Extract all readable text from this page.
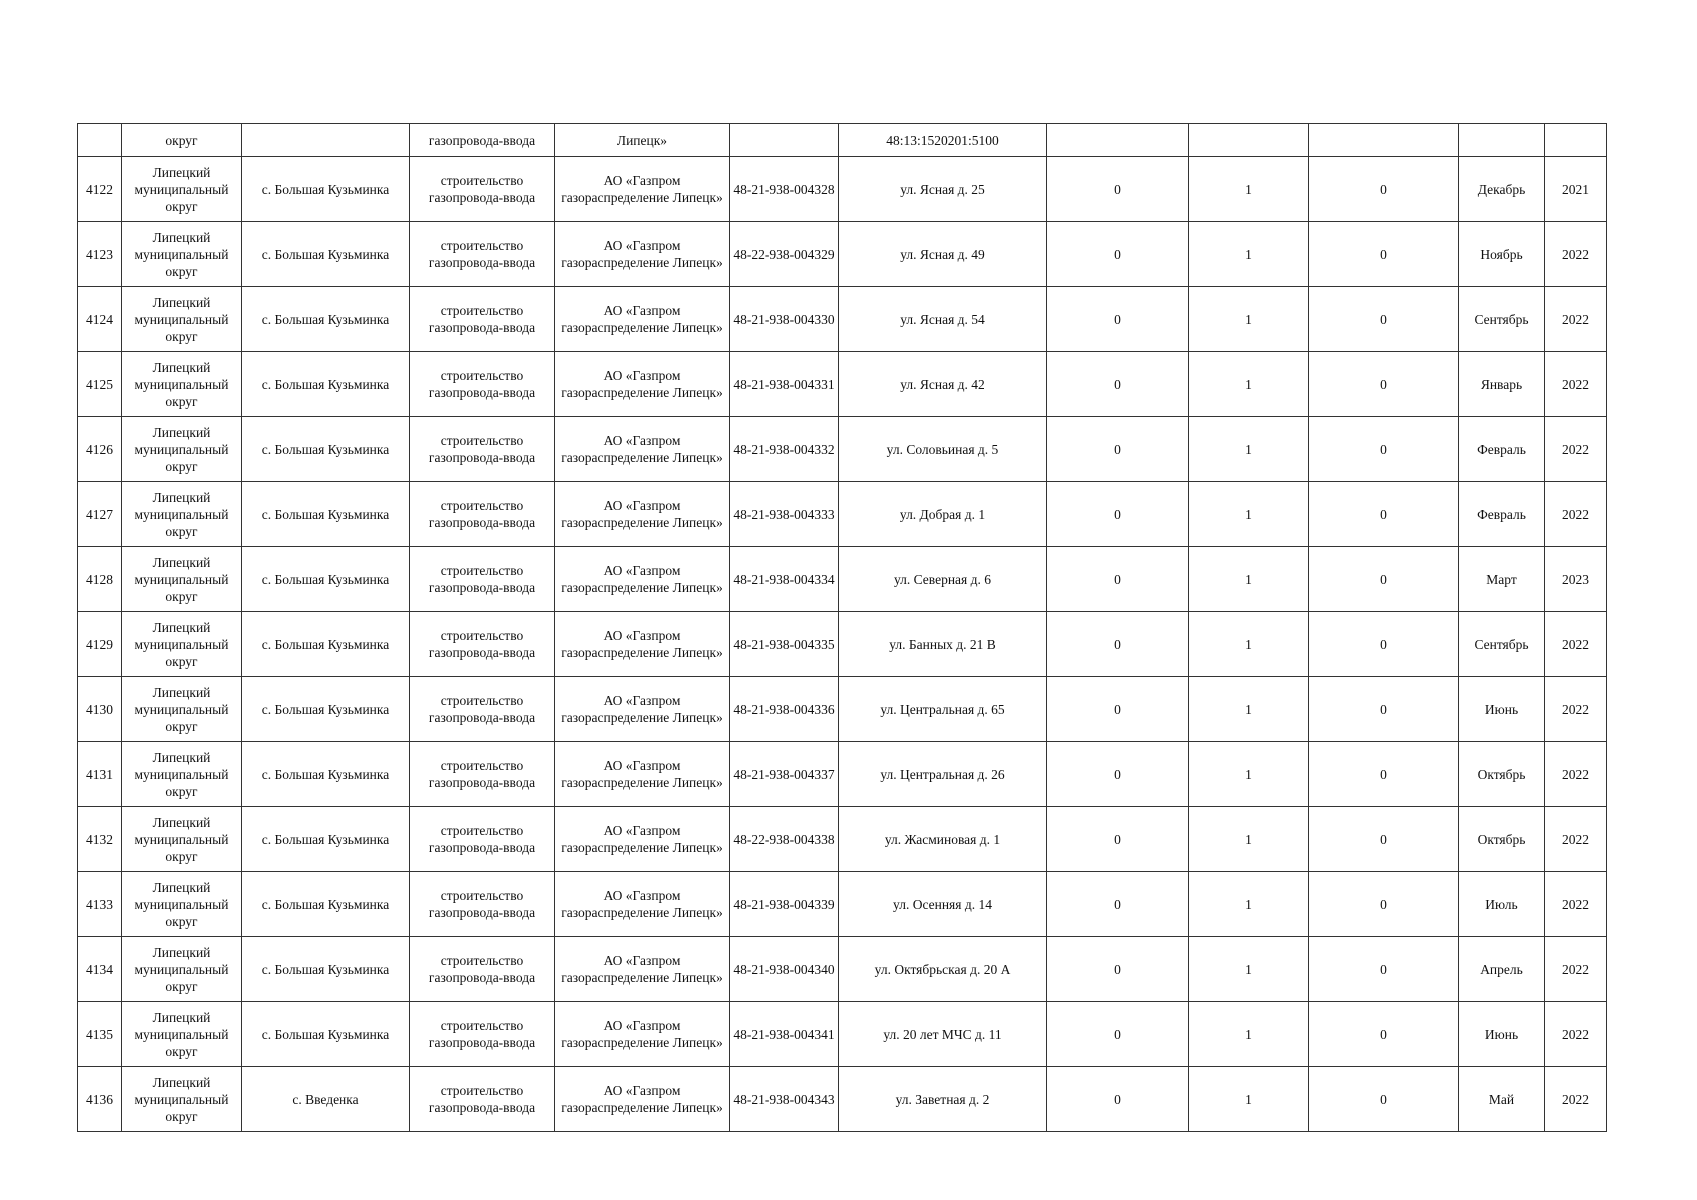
	округ		газопровода-ввода	Липецк»		48:13:1520201:5100					
4122	Липецкий муниципальный округ	с. Большая Кузьминка	строительство газопровода-ввода	АО «Газпром газораспределение Липецк»	48-21-938-004328	ул. Ясная д. 25	0	1	0	Декабрь	2021
4123	Липецкий муниципальный округ	с. Большая Кузьминка	строительство газопровода-ввода	АО «Газпром газораспределение Липецк»	48-22-938-004329	ул. Ясная д. 49	0	1	0	Ноябрь	2022
4124	Липецкий муниципальный округ	с. Большая Кузьминка	строительство газопровода-ввода	АО «Газпром газораспределение Липецк»	48-21-938-004330	ул. Ясная д. 54	0	1	0	Сентябрь	2022
4125	Липецкий муниципальный округ	с. Большая Кузьминка	строительство газопровода-ввода	АО «Газпром газораспределение Липецк»	48-21-938-004331	ул. Ясная д. 42	0	1	0	Январь	2022
4126	Липецкий муниципальный округ	с. Большая Кузьминка	строительство газопровода-ввода	АО «Газпром газораспределение Липецк»	48-21-938-004332	ул. Соловьиная д. 5	0	1	0	Февраль	2022
4127	Липецкий муниципальный округ	с. Большая Кузьминка	строительство газопровода-ввода	АО «Газпром газораспределение Липецк»	48-21-938-004333	ул. Добрая д. 1	0	1	0	Февраль	2022
4128	Липецкий муниципальный округ	с. Большая Кузьминка	строительство газопровода-ввода	АО «Газпром газораспределение Липецк»	48-21-938-004334	ул. Северная д. 6	0	1	0	Март	2023
4129	Липецкий муниципальный округ	с. Большая Кузьминка	строительство газопровода-ввода	АО «Газпром газораспределение Липецк»	48-21-938-004335	ул. Банных д. 21 В	0	1	0	Сентябрь	2022
4130	Липецкий муниципальный округ	с. Большая Кузьминка	строительство газопровода-ввода	АО «Газпром газораспределение Липецк»	48-21-938-004336	ул. Центральная д. 65	0	1	0	Июнь	2022
4131	Липецкий муниципальный округ	с. Большая Кузьминка	строительство газопровода-ввода	АО «Газпром газораспределение Липецк»	48-21-938-004337	ул. Центральная д. 26	0	1	0	Октябрь	2022
4132	Липецкий муниципальный округ	с. Большая Кузьминка	строительство газопровода-ввода	АО «Газпром газораспределение Липецк»	48-22-938-004338	ул. Жасминовая д. 1	0	1	0	Октябрь	2022
4133	Липецкий муниципальный округ	с. Большая Кузьминка	строительство газопровода-ввода	АО «Газпром газораспределение Липецк»	48-21-938-004339	ул. Осенняя д. 14	0	1	0	Июль	2022
4134	Липецкий муниципальный округ	с. Большая Кузьминка	строительство газопровода-ввода	АО «Газпром газораспределение Липецк»	48-21-938-004340	ул. Октябрьская д. 20 А	0	1	0	Апрель	2022
4135	Липецкий муниципальный округ	с. Большая Кузьминка	строительство газопровода-ввода	АО «Газпром газораспределение Липецк»	48-21-938-004341	ул. 20 лет МЧС д. 11	0	1	0	Июнь	2022
4136	Липецкий муниципальный округ	с. Введенка	строительство газопровода-ввода	АО «Газпром газораспределение Липецк»	48-21-938-004343	ул. Заветная д. 2	0	1	0	Май	2022
